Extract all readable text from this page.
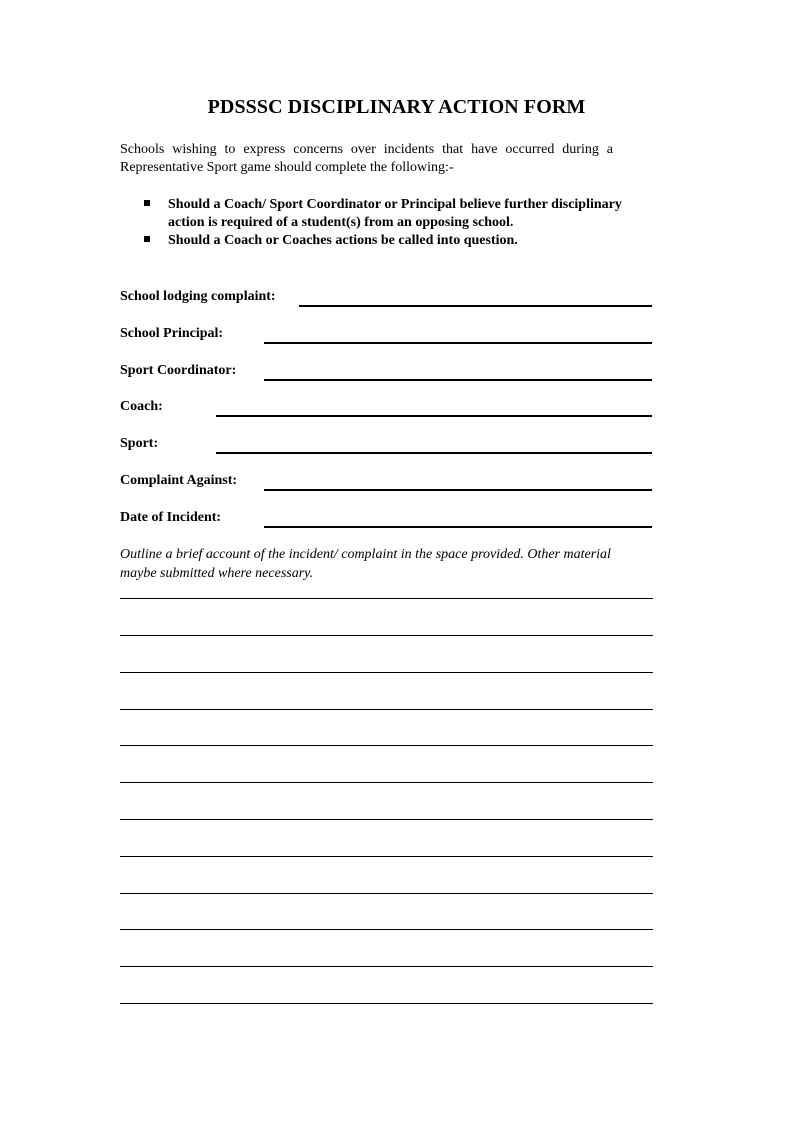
PDSSSC DISCIPLINARY ACTION FORM
Schools wishing to express concerns over incidents that have occurred during a Representative Sport game should complete the following:-
Should a Coach/ Sport Coordinator or Principal believe further disciplinary action is required of a student(s) from an opposing school.
Should a Coach or Coaches actions be called into question.
School lodging complaint:
School Principal:
Sport Coordinator:
Coach:
Sport:
Complaint Against:
Date of Incident:
Outline a brief account of the incident/ complaint in the space provided. Other material maybe submitted where necessary.
